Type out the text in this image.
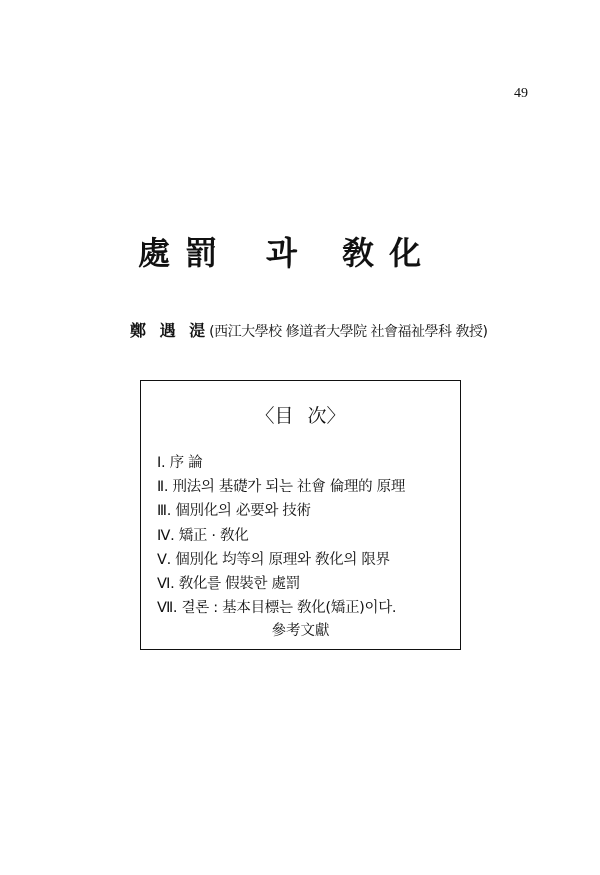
49
處 罰 과 敎 化
鄭 遇 湜(西江大學校 修道者大學院 社會福祉學科 敎授)
〈目 次〉
Ⅰ. 序 論
Ⅱ. 刑法의 基礎가 되는 社會 倫理的 原理
Ⅲ. 個別化의 必要와 技術
Ⅳ. 矯正 · 敎化
Ⅴ. 個別化 均等의 原理와 敎化의 限界
Ⅵ. 敎化를 假裝한 處罰
Ⅶ. 결론 : 基本目標는 敎化(矯正)이다.
參考文獻
